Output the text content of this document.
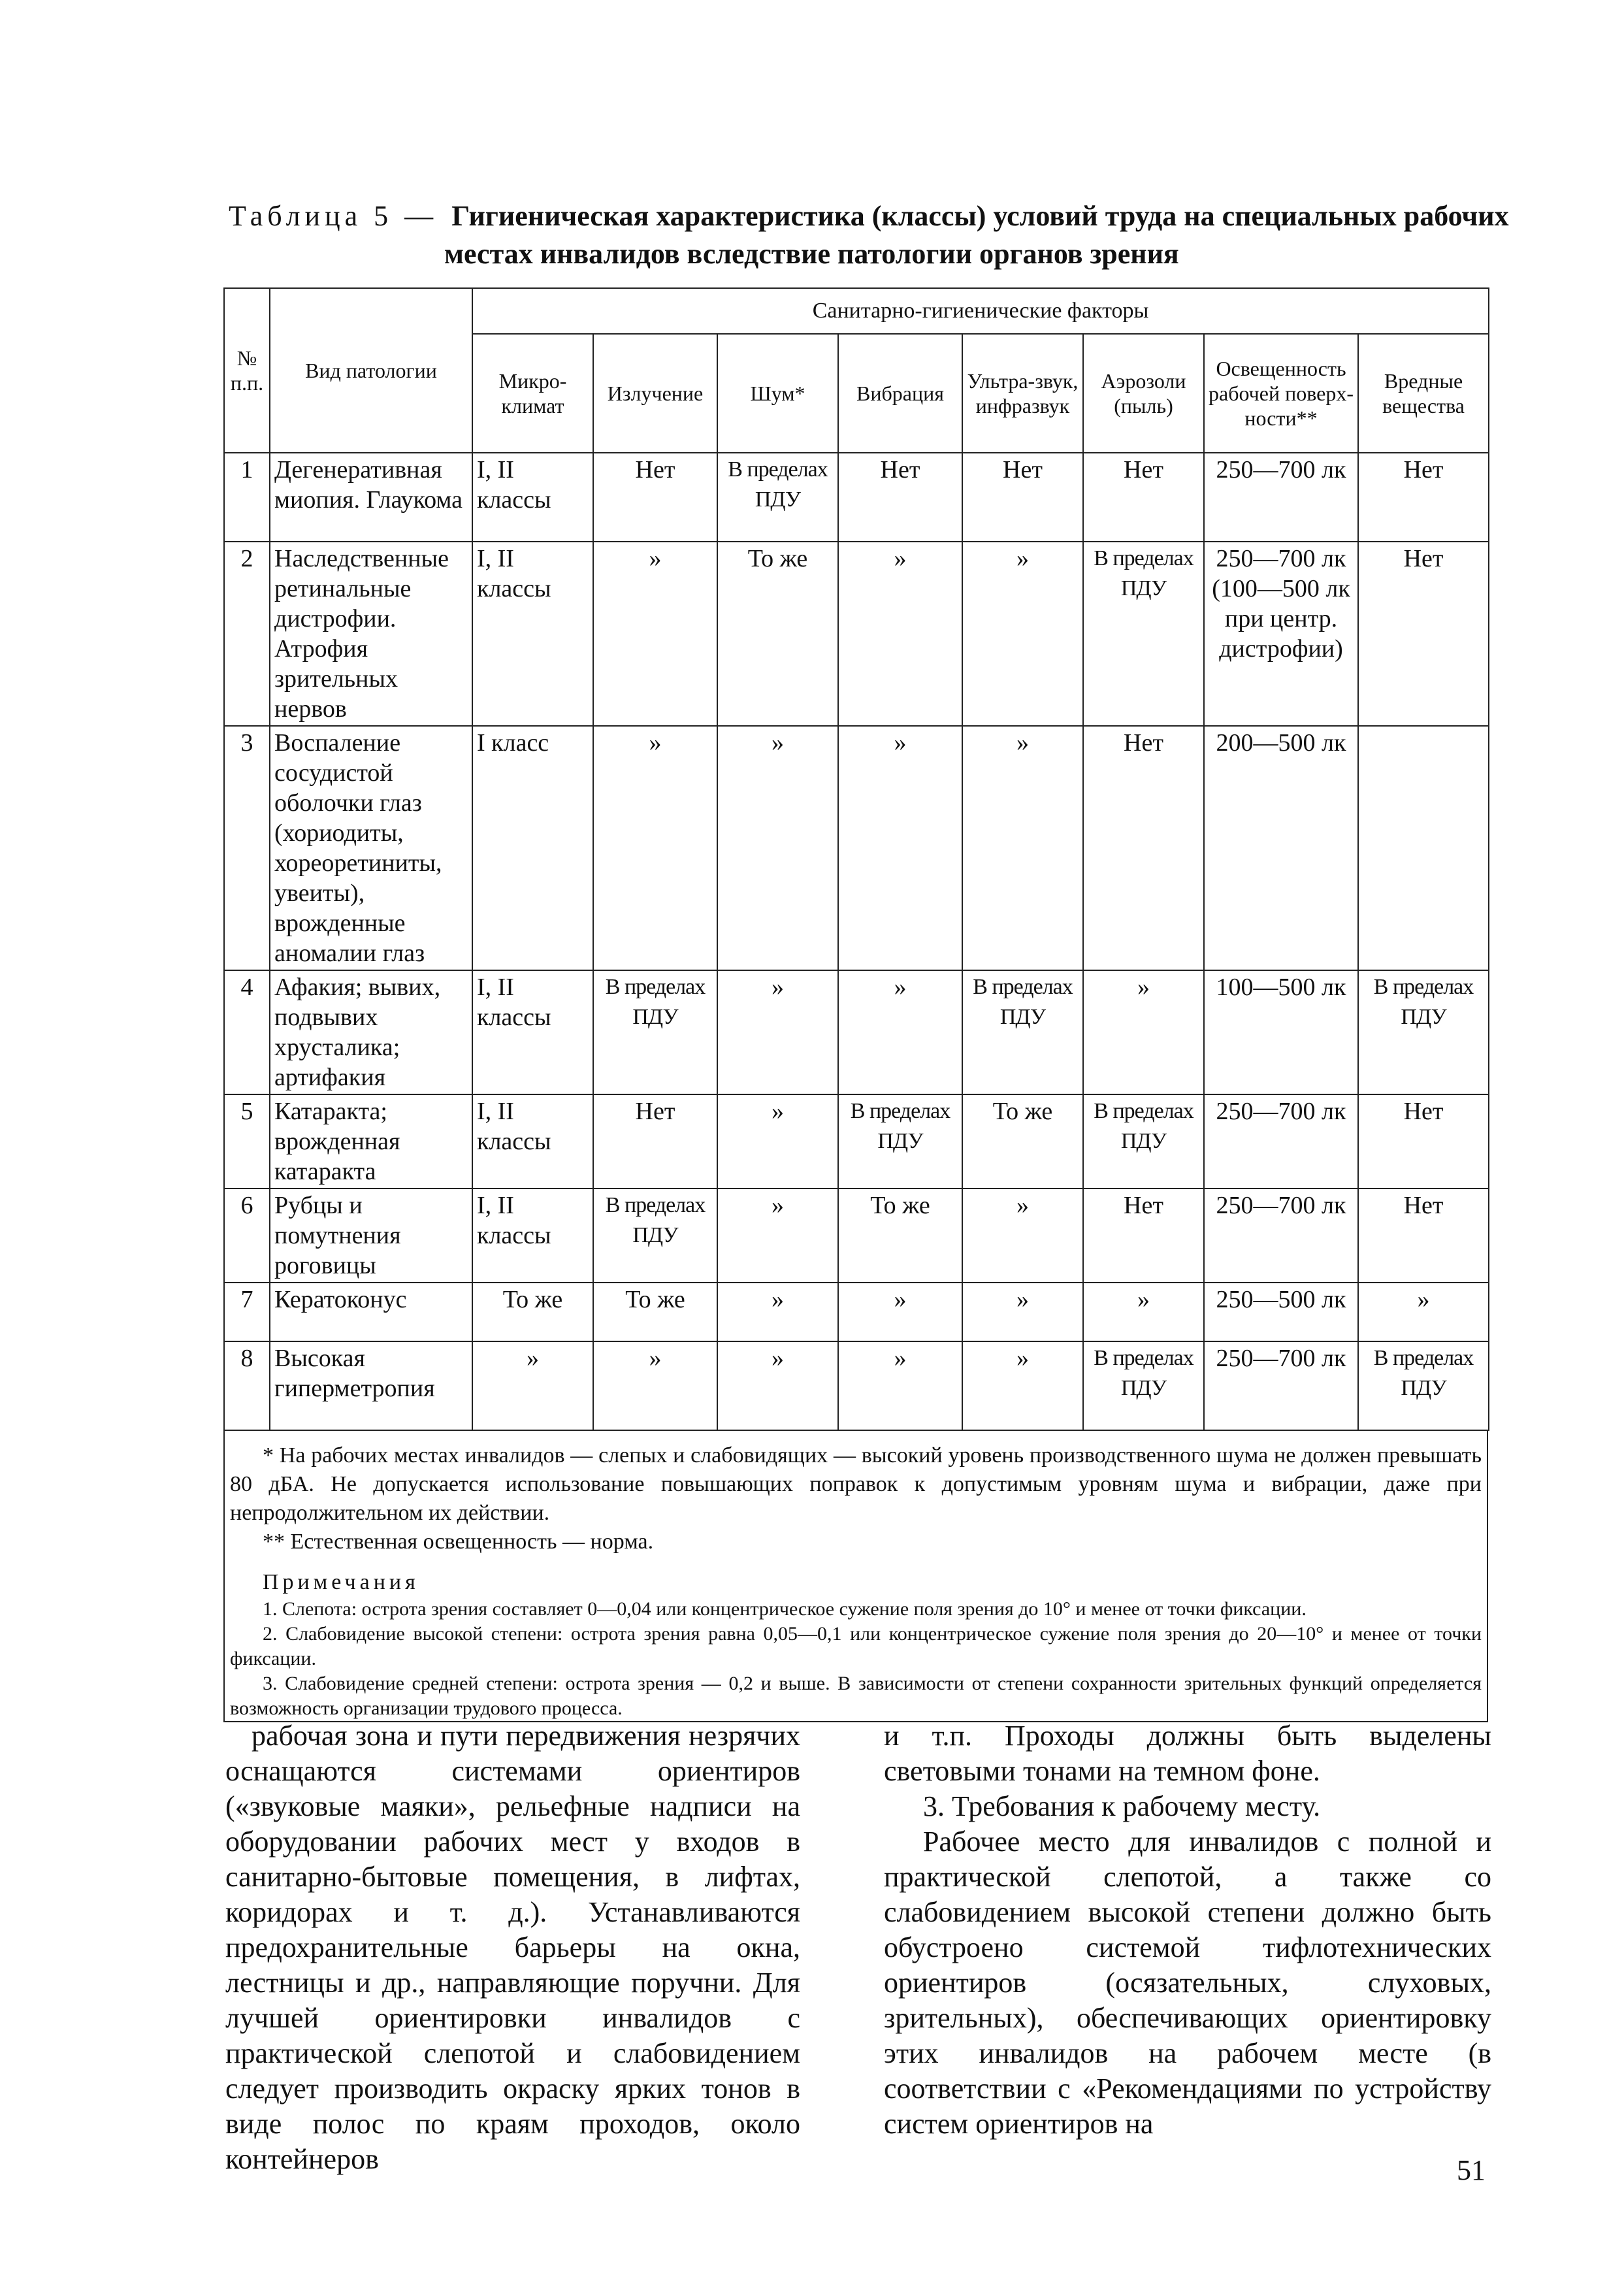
Таблица 5 — Гигиеническая характеристика (классы) условий труда на специальных рабочих
местах инвалидов вследствие патологии органов зрения
№ п.п.	Вид патологии	Санитарно-гигиенические факторы							
		Микро-климат	Излучение	Шум*	Вибрация	Ультра-звук, инфразвук	Аэрозоли (пыль)	Освещенность рабочей поверх-ности**	Вредные вещества
1	Дегенеративная миопия. Глаукома	I, II классы	Нет	В пределах ПДУ	Нет	Нет	Нет	250—700 лк	Нет
2	Наследственные ретинальные дистрофии. Атрофия зрительных нервов	I, II классы	»	То же	»	»	В пределах ПДУ	250—700 лк (100—500 лк при центр. дистрофии)	Нет
3	Воспаление сосудистой оболочки глаз (хориодиты, хореоретиниты, увеиты), врожденные аномалии глаз	I класс	»	»	»	»	Нет	200—500 лк	
4	Афакия; вывих, подвывих хрусталика; артифакия	I, II классы	В пределах ПДУ	»	»	В пределах ПДУ	»	100—500 лк	В пределах ПДУ
5	Катаракта; врожденная катаракта	I, II классы	Нет	»	В пределах ПДУ	То же	В пределах ПДУ	250—700 лк	Нет
6	Рубцы и помутнения роговицы	I, II классы	В пределах ПДУ	»	То же	»	Нет	250—700 лк	Нет
7	Кератоконус	То же	То же	»	»	»	»	250—500 лк	»
8	Высокая гиперметропия	»	»	»	»	»	В пределах ПДУ	250—700 лк	В пределах ПДУ

* На рабочих местах инвалидов — слепых и слабовидящих — высокий уровень производственного шума не должен превышать 80 дБА. Не допускается использование повышающих поправок к допустимым уровням шума и вибрации, даже при непродолжительном их действии.

** Естественная освещенность — норма.

Примечания

1. Слепота: острота зрения составляет 0—0,04 или концентрическое сужение поля зрения до 10° и менее от точки фиксации.

2. Слабовидение высокой степени: острота зрения равна 0,05—0,1 или концентрическое сужение поля зрения до 20—10° и менее от точки фиксации.

3. Слабовидение средней степени: острота зрения — 0,2 и выше. В зависимости от степени сохранности зрительных функций определяется возможность организации трудового процесса.

рабочая зона и пути передвижения незрячих оснащаются системами ориентиров («звуковые маяки», рельефные надписи на оборудовании рабочих мест у входов в санитарно-бытовые помещения, в лифтах, коридорах и т. д.). Устанавливаются предохранительные барьеры на окна, лестницы и др., направляющие поручни. Для лучшей ориентировки инвалидов с практической слепотой и слабовидением следует производить окраску ярких тонов в виде полос по краям проходов, около контейнеров

и т.п. Проходы должны быть выделены световыми тонами на темном фоне.

3. Требования к рабочему месту.

Рабочее место для инвалидов с полной и практической слепотой, а также со слабовидением высокой степени должно быть обустроено системой тифлотехнических ориентиров (осязательных, слуховых, зрительных), обеспечивающих ориентировку этих инвалидов на рабочем месте (в соответствии с «Рекомендациями по устройству систем ориентиров на

51
